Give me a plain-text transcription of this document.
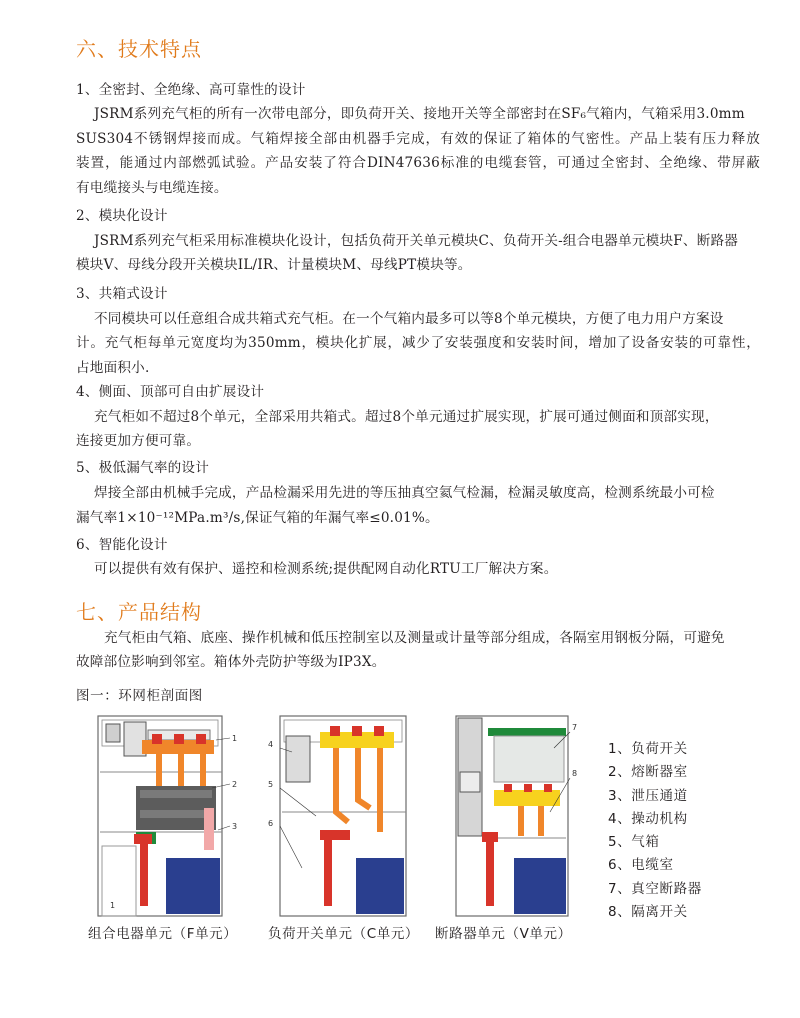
六、技术特点
1、全密封、全绝缘、高可靠性的设计
JSRM系列充气柜的所有一次带电部分，即负荷开关、接地开关等全部密封在SF₆气箱内，气箱采用3.0mm
SUS304不锈钢焊接而成。气箱焊接全部由机器手完成，有效的保证了箱体的气密性。产品上装有压力释放
装置，能通过内部燃弧试验。产品安装了符合DIN47636标准的电缆套管，可通过全密封、全绝缘、带屏蔽
有电缆接头与电缆连接。
2、模块化设计
JSRM系列充气柜采用标准模块化设计，包括负荷开关单元模块C、负荷开关-组合电器单元模块F、断路器
模块V、母线分段开关模块IL/IR、计量模块M、母线PT模块等。
3、共箱式设计
不同模块可以任意组合成共箱式充气柜。在一个气箱内最多可以等8个单元模块，方便了电力用户方案设
计。充气柜每单元宽度均为350mm，模块化扩展，减少了安装强度和安装时间，增加了设备安装的可靠性，
占地面积小.
4、侧面、顶部可自由扩展设计
充气柜如不超过8个单元，全部采用共箱式。超过8个单元通过扩展实现，扩展可通过侧面和顶部实现，
连接更加方便可靠。
5、极低漏气率的设计
焊接全部由机械手完成，产品检漏采用先进的等压抽真空氦气检漏，检漏灵敏度高，检测系统最小可检
漏气率1×10⁻¹²MPa.m³/s,保证气箱的年漏气率≤0.01%。
6、智能化设计
可以提供有效有保护、遥控和检测系统;提供配网自动化RTU工厂解决方案。
七、产品结构
充气柜由气箱、底座、操作机械和低压控制室以及测量或计量等部分组成，各隔室用钢板分隔，可避免
故障部位影响到邻室。箱体外壳防护等级为IP3X。
图一：环网柜剖面图
1
2
3
1
4
5
6
7
8
组合电器单元（F单元） 负荷开关单元（C单元） 断路器单元（V单元）
1、负荷开关
2、熔断器室
3、泄压通道
4、操动机构
5、气箱
6、电缆室
7、真空断路器
8、隔离开关
